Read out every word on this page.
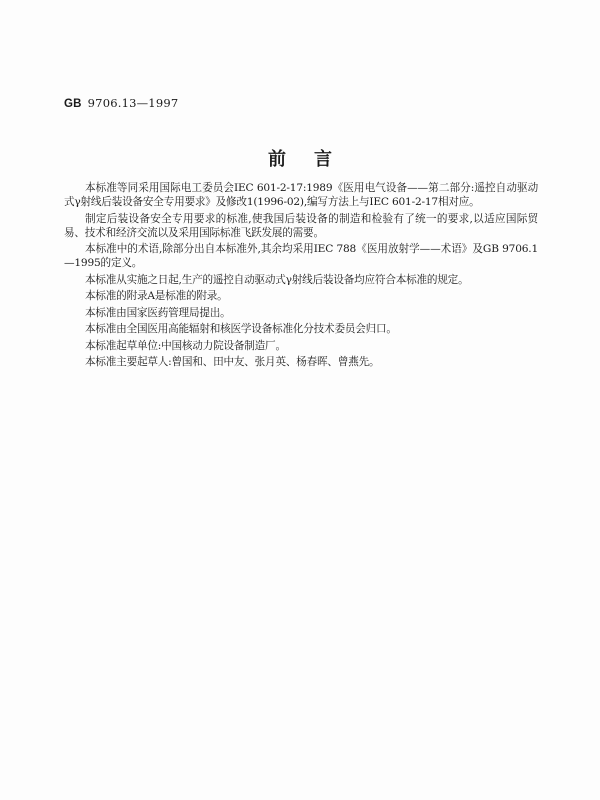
GB 9706.13—1997
前言

本标准等同采用国际电工委员会IEC 601-2-17:1989《医用电气设备——第二部分:遥控自动驱动式γ射线后装设备安全专用要求》及修改1(1996-02),编写方法上与IEC 601-2-17相对应。

制定后装设备安全专用要求的标准,使我国后装设备的制造和检验有了统一的要求,以适应国际贸易、技术和经济交流以及采用国际标准飞跃发展的需要。

本标准中的术语,除部分出自本标准外,其余均采用IEC 788《医用放射学——术语》及GB 9706.1—1995的定义。

本标准从实施之日起,生产的遥控自动驱动式γ射线后装设备均应符合本标准的规定。

本标准的附录A是标准的附录。

本标准由国家医药管理局提出。

本标准由全国医用高能辐射和核医学设备标准化分技术委员会归口。

本标准起草单位:中国核动力院设备制造厂。

本标准主要起草人:曾国和、田中友、张月英、杨春晖、曾燕先。
